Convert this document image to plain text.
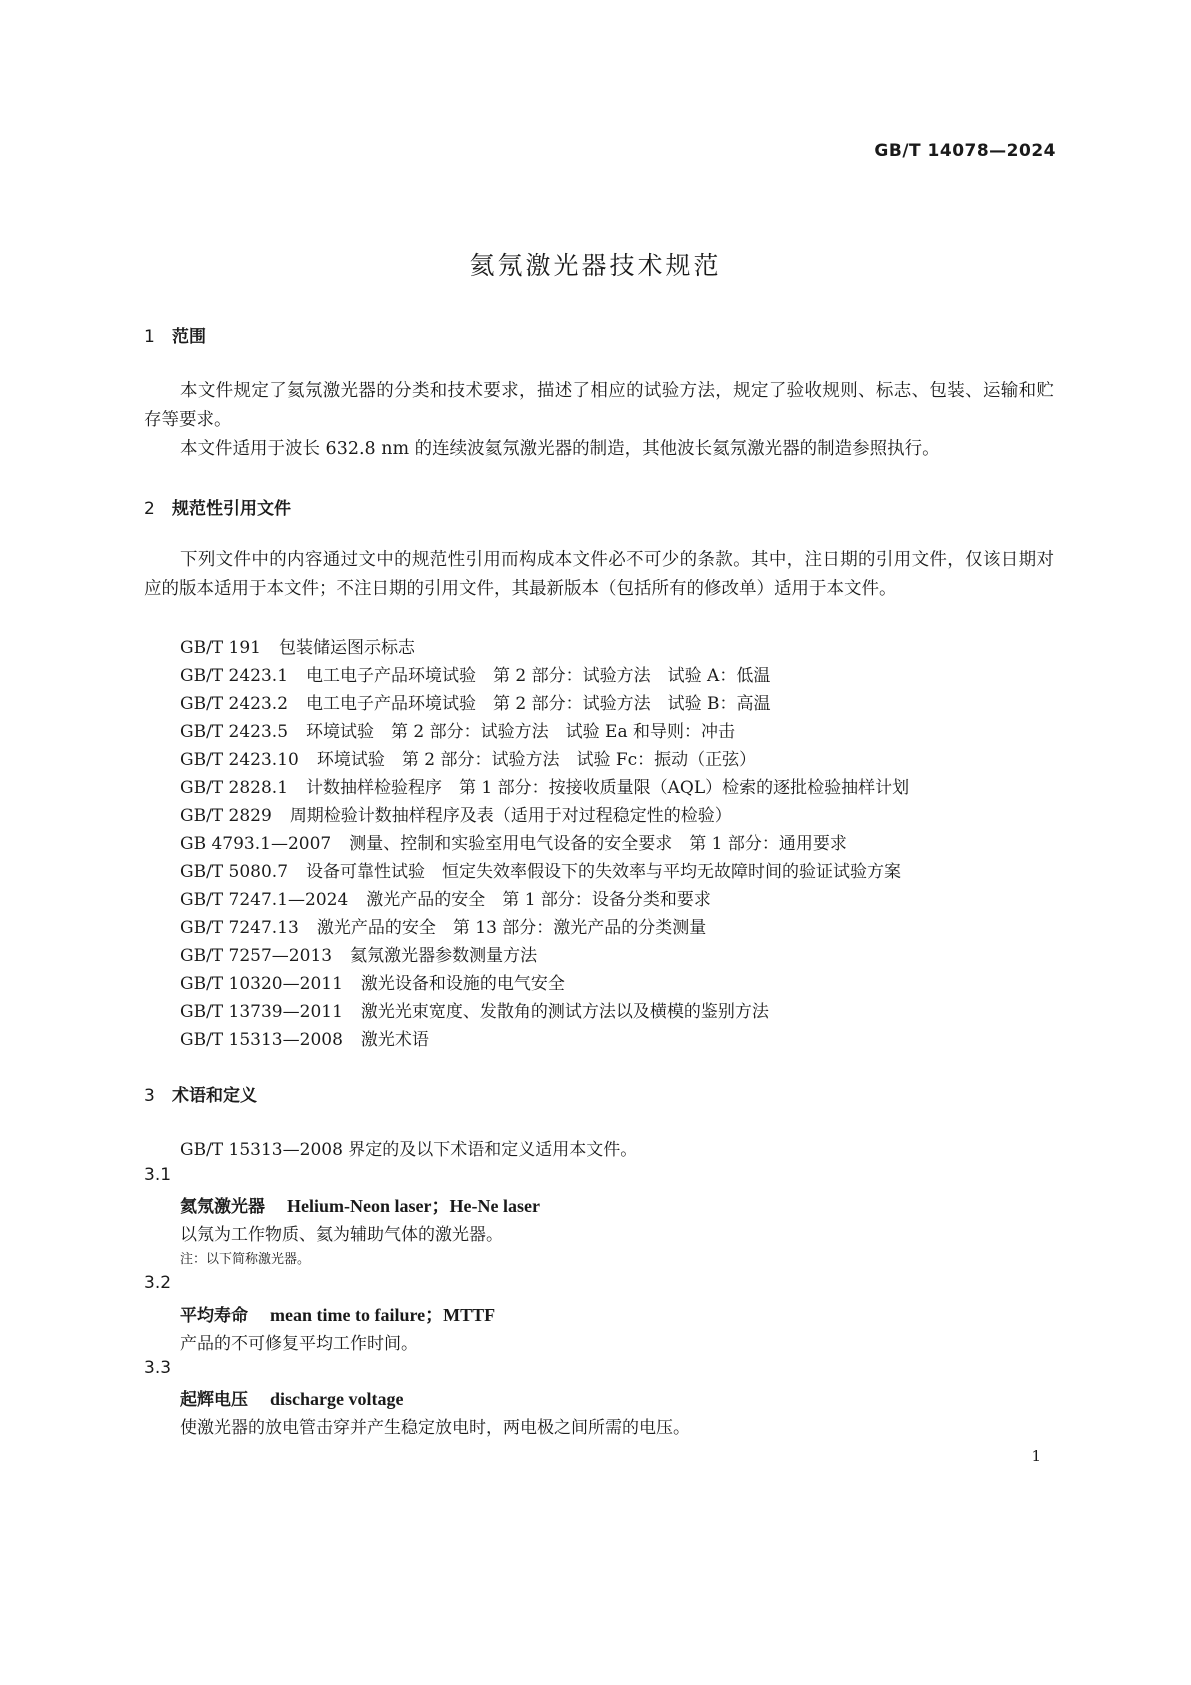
GB/T 14078—2024
氦氖激光器技术规范
1 范围

本文件规定了氦氖激光器的分类和技术要求，描述了相应的试验方法，规定了验收规则、标志、包装、运输和贮存等要求。

本文件适用于波长 632.8 nm 的连续波氦氖激光器的制造，其他波长氦氖激光器的制造参照执行。

2 规范性引用文件

下列文件中的内容通过文中的规范性引用而构成本文件必不可少的条款。其中，注日期的引用文件，仅该日期对应的版本适用于本文件；不注日期的引用文件，其最新版本（包括所有的修改单）适用于本文件。

GB/T 191 包装储运图示标志
GB/T 2423.1 电工电子产品环境试验　第 2 部分：试验方法　试验 A：低温
GB/T 2423.2 电工电子产品环境试验　第 2 部分：试验方法　试验 B：高温
GB/T 2423.5 环境试验　第 2 部分：试验方法　试验 Ea 和导则：冲击
GB/T 2423.10 环境试验　第 2 部分：试验方法　试验 Fc：振动（正弦）
GB/T 2828.1 计数抽样检验程序　第 1 部分：按接收质量限（AQL）检索的逐批检验抽样计划
GB/T 2829 周期检验计数抽样程序及表（适用于对过程稳定性的检验）
GB 4793.1—2007 测量、控制和实验室用电气设备的安全要求　第 1 部分：通用要求
GB/T 5080.7 设备可靠性试验　恒定失效率假设下的失效率与平均无故障时间的验证试验方案
GB/T 7247.1—2024 激光产品的安全　第 1 部分：设备分类和要求
GB/T 7247.13 激光产品的安全　第 13 部分：激光产品的分类测量
GB/T 7257—2013 氦氖激光器参数测量方法
GB/T 10320—2011 激光设备和设施的电气安全
GB/T 13739—2011 激光光束宽度、发散角的测试方法以及横模的鉴别方法
GB/T 15313—2008 激光术语
3 术语和定义
GB/T 15313—2008 界定的及以下术语和定义适用本文件。
3.1
氦氖激光器 Helium-Neon laser；He-Ne laser
以氖为工作物质、氦为辅助气体的激光器。
注：以下简称激光器。
3.2
平均寿命 mean time to failure；MTTF
产品的不可修复平均工作时间。
3.3
起辉电压 discharge voltage
使激光器的放电管击穿并产生稳定放电时，两电极之间所需的电压。
1
